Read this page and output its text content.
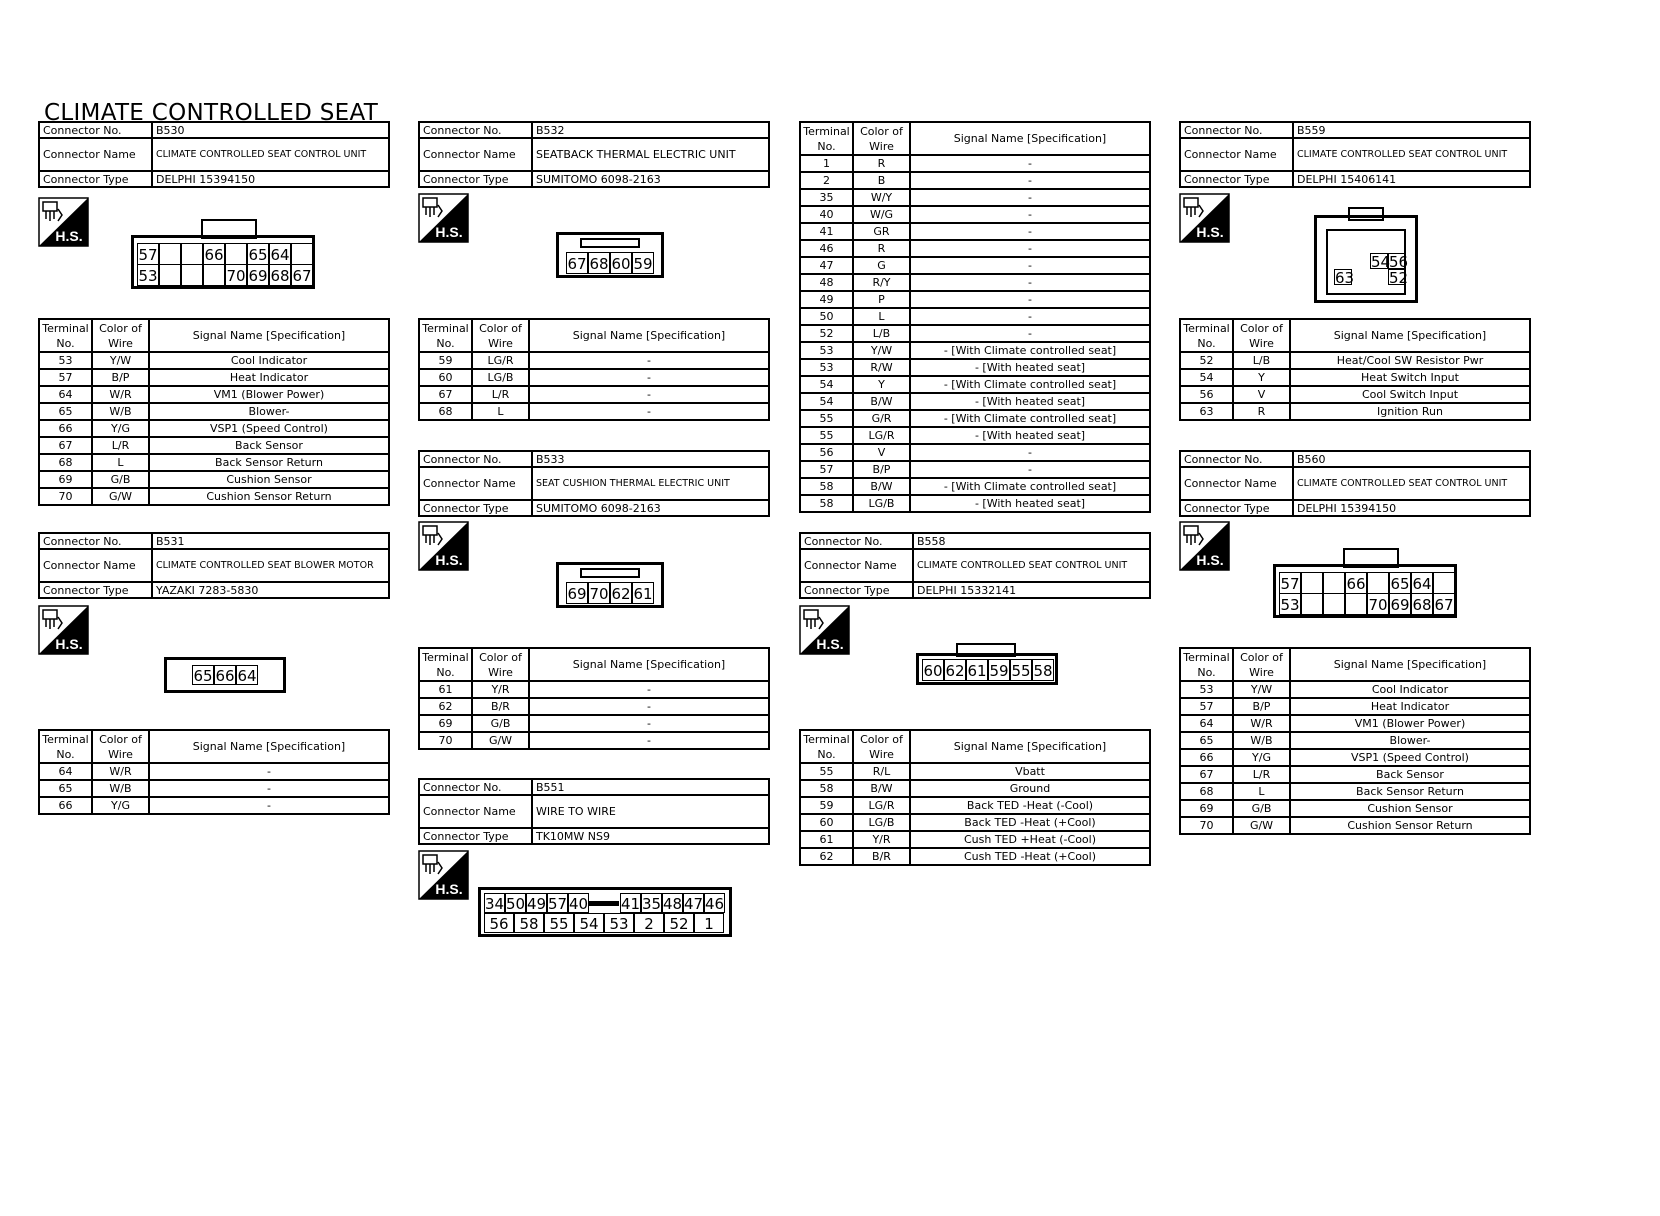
CLIMATE CONTROLLED SEAT
Connector No.	B530
Connector Name	CLIMATE CONTROLLED SEAT CONTROL UNIT
Connector Type	DELPHI 15394150
H.S.
57	66 65 64
53	70 69 68 67
Terminal No.	Color of Wire	Signal Name [Specification]
53	Y/W	Cool Indicator
57	B/P	Heat Indicator
64	W/R	VM1 (Blower Power)
65	W/B	Blower-
66	Y/G	VSP1 (Speed Control)
67	L/R	Back Sensor
68	L	Back Sensor Return
69	G/B	Cushion Sensor
70	G/W	Cushion Sensor Return
Connector No.	B531
Connector Name	CLIMATE CONTROLLED SEAT BLOWER MOTOR
Connector Type	YAZAKI 7283-5830
H.S.
65 66 64
Terminal No.	Color of Wire	Signal Name [Specification]
64	W/R	-
65	W/B	-
66	Y/G	-
Connector No.	B532
Connector Name	SEATBACK THERMAL ELECTRIC UNIT
Connector Type	SUMITOMO 6098-2163
H.S.
67 68 60 59
Terminal No.	Color of Wire	Signal Name [Specification]
59	LG/R	-
60	LG/B	-
67	L/R	-
68	L	-
Connector No.	B533
Connector Name	SEAT CUSHION THERMAL ELECTRIC UNIT
Connector Type	SUMITOMO 6098-2163
H.S.
69 70 62 61
Terminal No.	Color of Wire	Signal Name [Specification]
61	Y/R	-
62	B/R	-
69	G/B	-
70	G/W	-
Connector No.	B551
Connector Name	WIRE TO WIRE
Connector Type	TK10MW NS9
H.S.
34 50 49 57 40 41 35 48 47 46
56 58 55 54 53	2	52	1
Terminal No.	Color of Wire	Signal Name [Specification]
1	R	-
2	B	-
35	W/Y	-
40	W/G	-
41	GR	-
46	R	-
47	G	-
48	R/Y	-
49	P	-
50	L	-
52	L/B	-
53	Y/W	- [With Climate controlled seat]
53	R/W	- [With heated seat]
54	Y	- [With Climate controlled seat]
54	B/W	- [With heated seat]
55	G/R	- [With Climate controlled seat]
55	LG/R	- [With heated seat]
56	V	-
57	B/P	-
58	B/W	- [With Climate controlled seat]
58	LG/B	- [With heated seat]
Connector No.	B558
Connector Name	CLIMATE CONTROLLED SEAT CONTROL UNIT
Connector Type	DELPHI 15332141
H.S.
60 62 61 59 55 58
Terminal No.	Color of Wire	Signal Name [Specification]
55	R/L	Vbatt
58	B/W	Ground
59	LG/R	Back TED -Heat (-Cool)
60	LG/B	Back TED -Heat (+Cool)
61	Y/R	Cush TED +Heat (-Cool)
62	B/R	Cush TED -Heat (+Cool)
Connector No.	B559
Connector Name	CLIMATE CONTROLLED SEAT CONTROL UNIT
Connector Type	DELPHI 15406141
H.S.
54
56
63 52
Terminal No.	Color of Wire	Signal Name [Specification]
52	L/B	Heat/Cool SW Resistor Pwr
54	Y	Heat Switch Input
56	V	Cool Switch Input
63	R	Ignition Run
Connector No.	B560
Connector Name	CLIMATE CONTROLLED SEAT CONTROL UNIT
Connector Type	DELPHI 15394150
H.S.
57	66 65 64
53	70 69 68 67
Terminal No.	Color of Wire	Signal Name [Specification]
53	Y/W	Cool Indicator
57	B/P	Heat Indicator
64	W/R	VM1 (Blower Power)
65	W/B	Blower-
66	Y/G	VSP1 (Speed Control)
67	L/R	Back Sensor
68	L	Back Sensor Return
69	G/B	Cushion Sensor
70	G/W	Cushion Sensor Return
